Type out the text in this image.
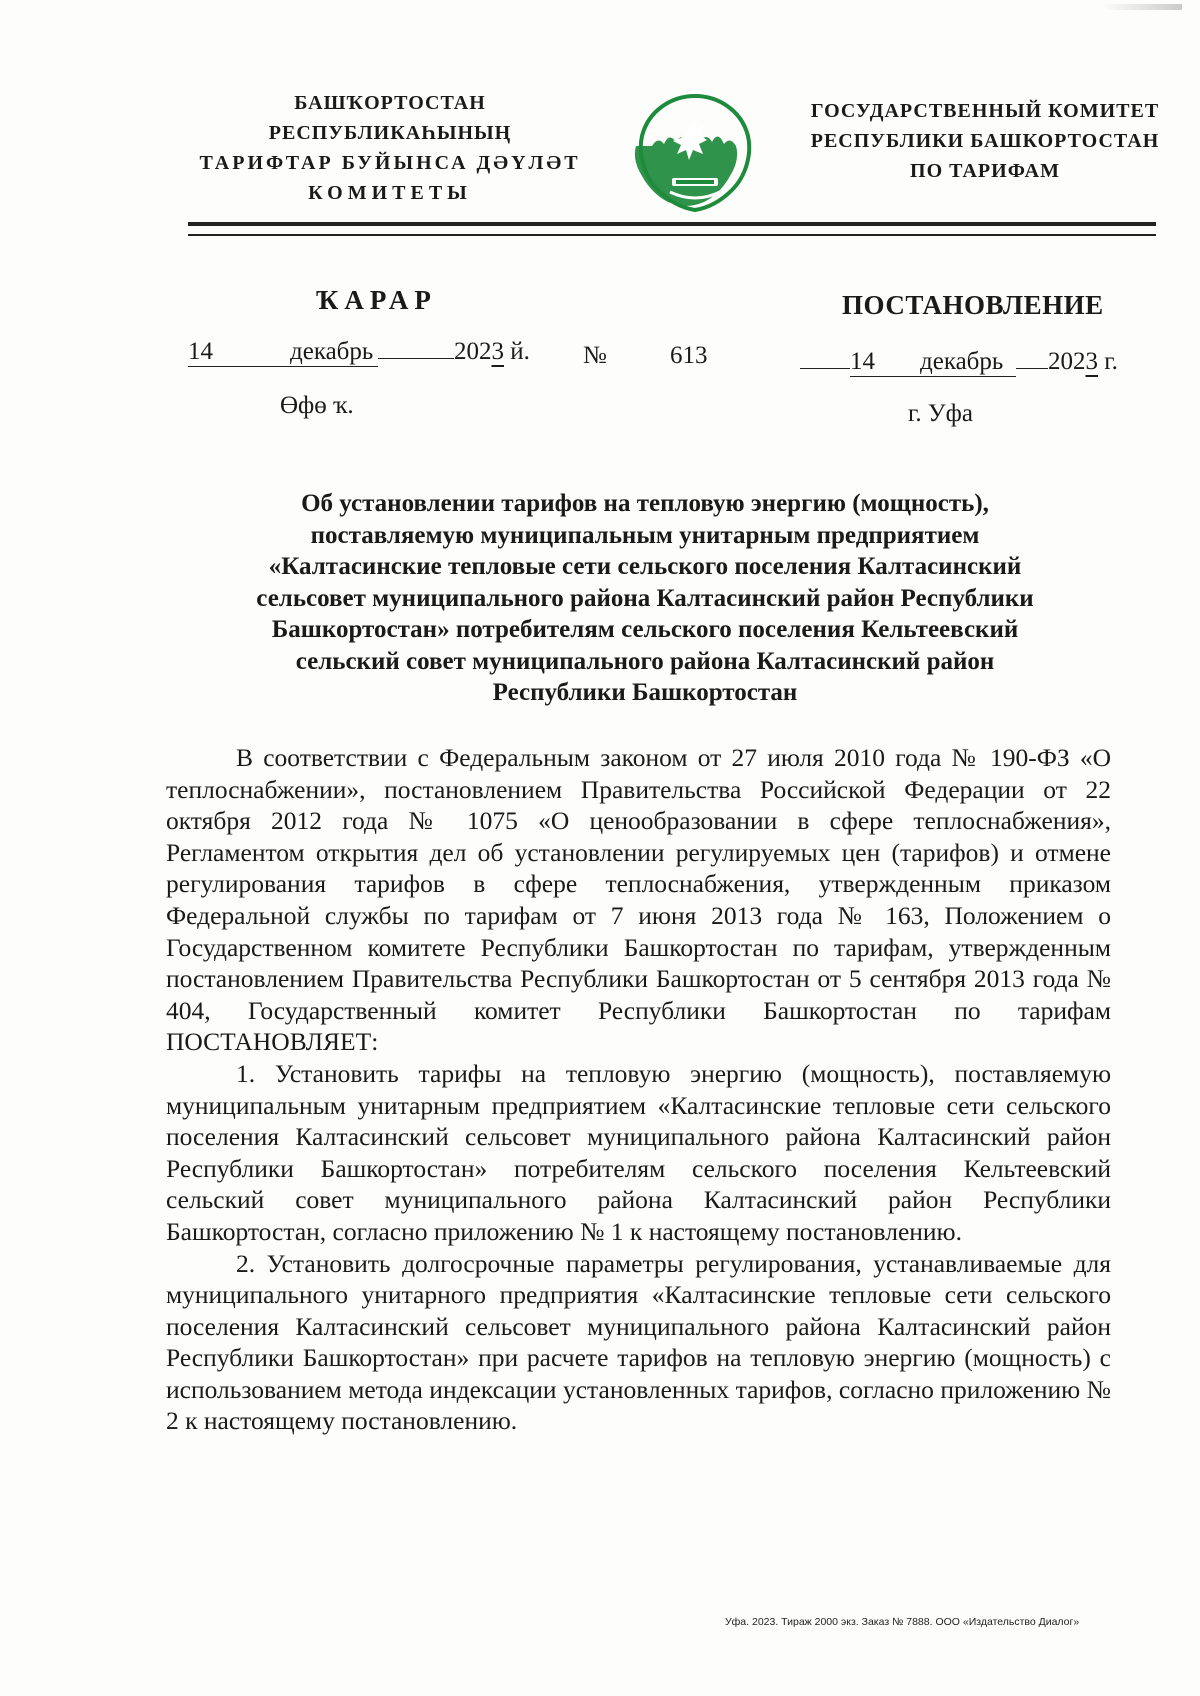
БАШҠОРТОСТАН РЕСПУБЛИКАҺЫНЫҢ
ТАРИФТАР БУЙЫНСА ДӘҮЛӘТ
КОМИТЕТЫ
ГОСУДАРСТВЕННЫЙ КОМИТЕТ
РЕСПУБЛИКИ БАШКОРТОСТАН
ПО ТАРИФАМ
ҠАРАР	ПОСТАНОВЛЕНИЕ
14	декабрь	2023 й. №	613	14 декабрь 2023 г.
Өфө ҡ.	г. Уфа
Об установлении тарифов на тепловую энергию (мощность),
поставляемую муниципальным унитарным предприятием
«Калтасинские тепловые сети сельского поселения Калтасинский
сельсовет муниципального района Калтасинский район Республики
Башкортостан» потребителям сельского поселения Кельтеевский
сельский совет муниципального района Калтасинский район
Республики Башкортостан

В соответствии с Федеральным законом от 27 июля 2010 года № 190-ФЗ «О теплоснабжении», постановлением Правительства Российской Федерации от 22 октября 2012 года № 1075 «О ценообразовании в сфере теплоснабжения», Регламентом открытия дел об установлении регулируемых цен (тарифов) и отмене регулирования тарифов в сфере теплоснабжения, утвержденным приказом Федеральной службы по тарифам от 7 июня 2013 года № 163, Положением о Государственном комитете Республики Башкортостан по тарифам, утвержденным постановлением Правительства Республики Башкортостан от 5 сентября 2013 года № 404, Государственный комитет Республики Башкортостан по тарифам ПОСТАНОВЛЯЕТ:

1. Установить тарифы на тепловую энергию (мощность), поставляемую муниципальным унитарным предприятием «Калтасинские тепловые сети сельского поселения Калтасинский сельсовет муниципального района Калтасинский район Республики Башкортостан» потребителям сельского поселения Кельтеевский сельский совет муниципального района Калтасинский район Республики Башкортостан, согласно приложению № 1 к настоящему постановлению.

2. Установить долгосрочные параметры регулирования, устанавливаемые для муниципального унитарного предприятия «Калтасинские тепловые сети сельского поселения Калтасинский сельсовет муниципального района Калтасинский район Республики Башкортостан» при расчете тарифов на тепловую энергию (мощность) с использованием метода индексации установленных тарифов, согласно приложению № 2 к настоящему постановлению.

Уфа. 2023. Тираж 2000 экз. Заказ № 7888. ООО «Издательство Диалог»
